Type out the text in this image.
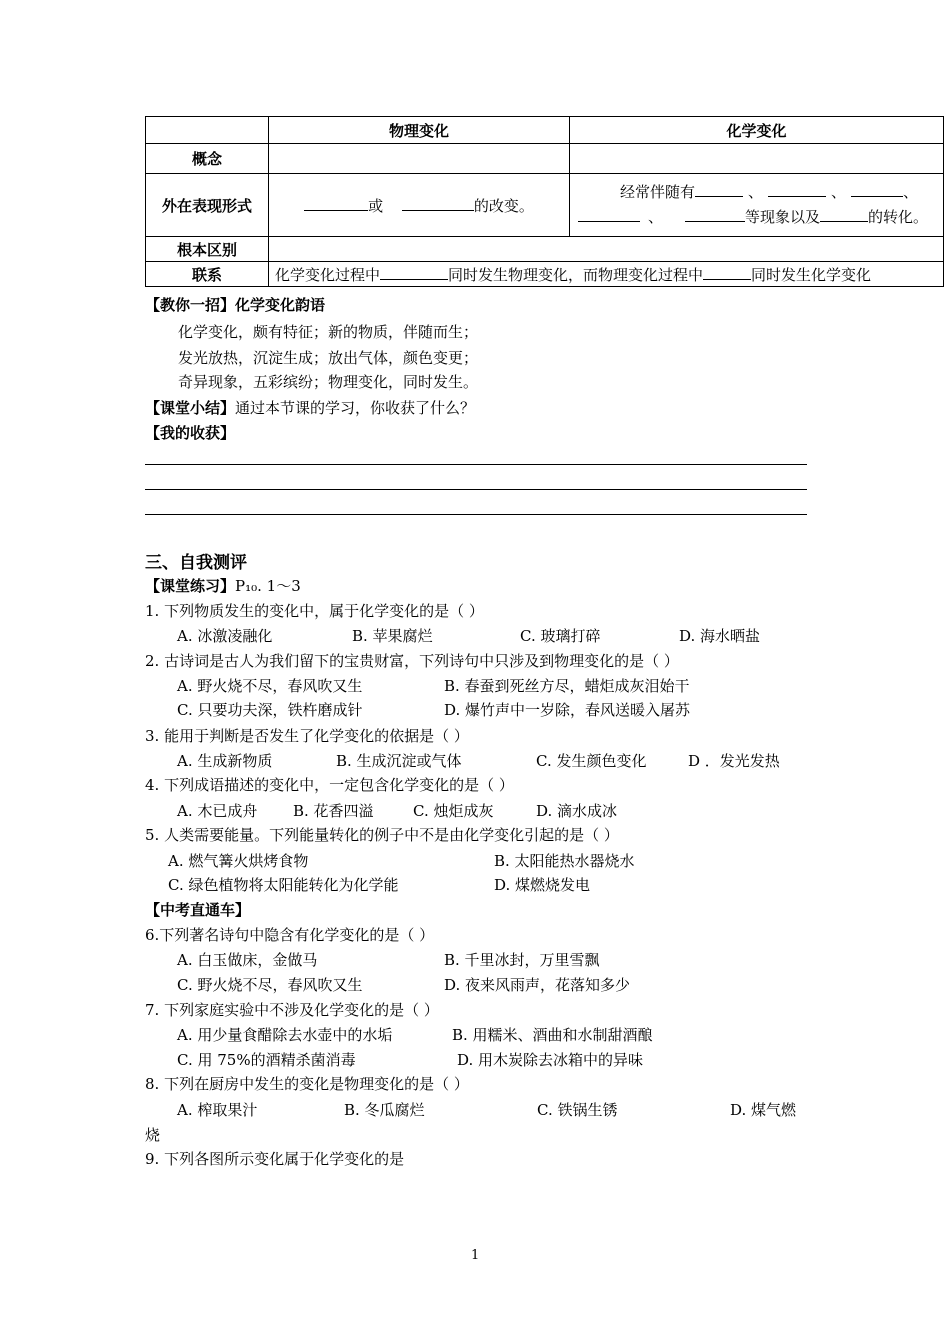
	物理变化	化学变化
概念		
外在表现形式	或 的改变。	经常伴随有 、 、 、
、 等现象以及 的转化。

根本区别		
联系	化学变化过程中 同时发生物理变化，而物理变化过程中 同时发生化学变化	
【教你一招】化学变化韵语
化学变化，颇有特征；新的物质，伴随而生；
发光放热，沉淀生成；放出气体，颜色变更；
奇异现象，五彩缤纷；物理变化，同时发生。
【课堂小结】通过本节课的学习，你收获了什么？
【我的收获】
三、自我测评
【课堂练习】P₁₀. 1～3
1. 下列物质发生的变化中，属于化学变化的是（ ）
A. 冰激凌融化	B. 苹果腐烂	C. 玻璃打碎	D. 海水晒盐
2. 古诗词是古人为我们留下的宝贵财富，下列诗句中只涉及到物理变化的是（ ）
A. 野火烧不尽，春风吹又生	B. 春蚕到死丝方尽，蜡炬成灰泪始干
C. 只要功夫深，铁杵磨成针	D. 爆竹声中一岁除，春风送暖入屠苏
3. 能用于判断是否发生了化学变化的依据是（ ）
A. 生成新物质	B. 生成沉淀或气体	C. 发生颜色变化	D ．发光发热
4. 下列成语描述的变化中，一定包含化学变化的是（ ）
A. 木已成舟 B. 花香四溢	C. 烛炬成灰	D. 滴水成冰
5. 人类需要能量。下列能量转化的例子中不是由化学变化引起的是（ ）
A. 燃气篝火烘烤食物	B. 太阳能热水器烧水
C. 绿色植物将太阳能转化为化学能	D. 煤燃烧发电
【中考直通车】
6.下列著名诗句中隐含有化学变化的是（ ）
A. 白玉做床，金做马	B. 千里冰封，万里雪飘
C. 野火烧不尽，春风吹又生	D. 夜来风雨声，花落知多少
7. 下列家庭实验中不涉及化学变化的是（ ）
A. 用少量食醋除去水壶中的水垢	B. 用糯米、酒曲和水制甜酒酿
C. 用 75%的酒精杀菌消毒	D. 用木炭除去冰箱中的异味
8. 下列在厨房中发生的变化是物理变化的是（ ）
A. 榨取果汁	B. 冬瓜腐烂	C. 铁锅生锈	D. 煤气燃
烧
9. 下列各图所示变化属于化学变化的是
1
